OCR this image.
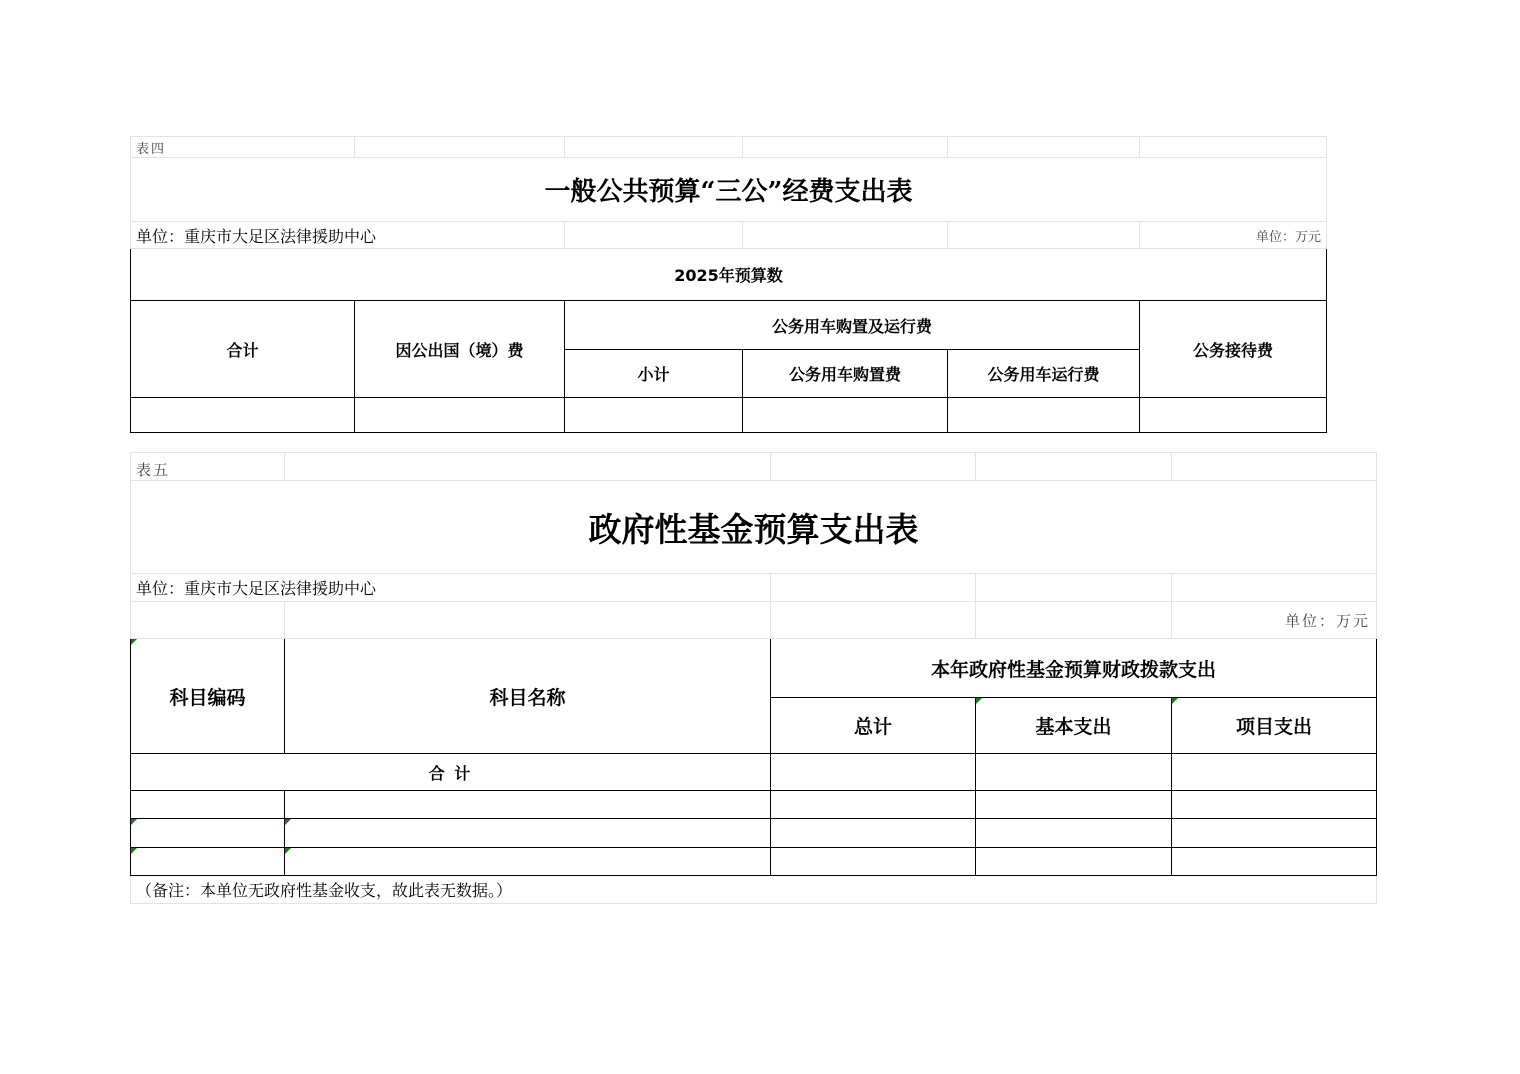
表四					
一般公共预算“三公”经费支出表					
单位：重庆市大足区法律援助中心					单位：万元
2025年预算数					
合计	因公出国（境）费	公务用车购置及运行费			公务接待费
		小计	公务用车购置费	公务用车运行费	

表五				
政府性基金预算支出表				
单位：重庆市大足区法律援助中心				
				单位：万元
科目编码	科目名称	本年政府性基金预算财政拨款支出		
		总计	基本支出	项目支出
合 计				

（备注：本单位无政府性基金收支，故此表无数据。）				
